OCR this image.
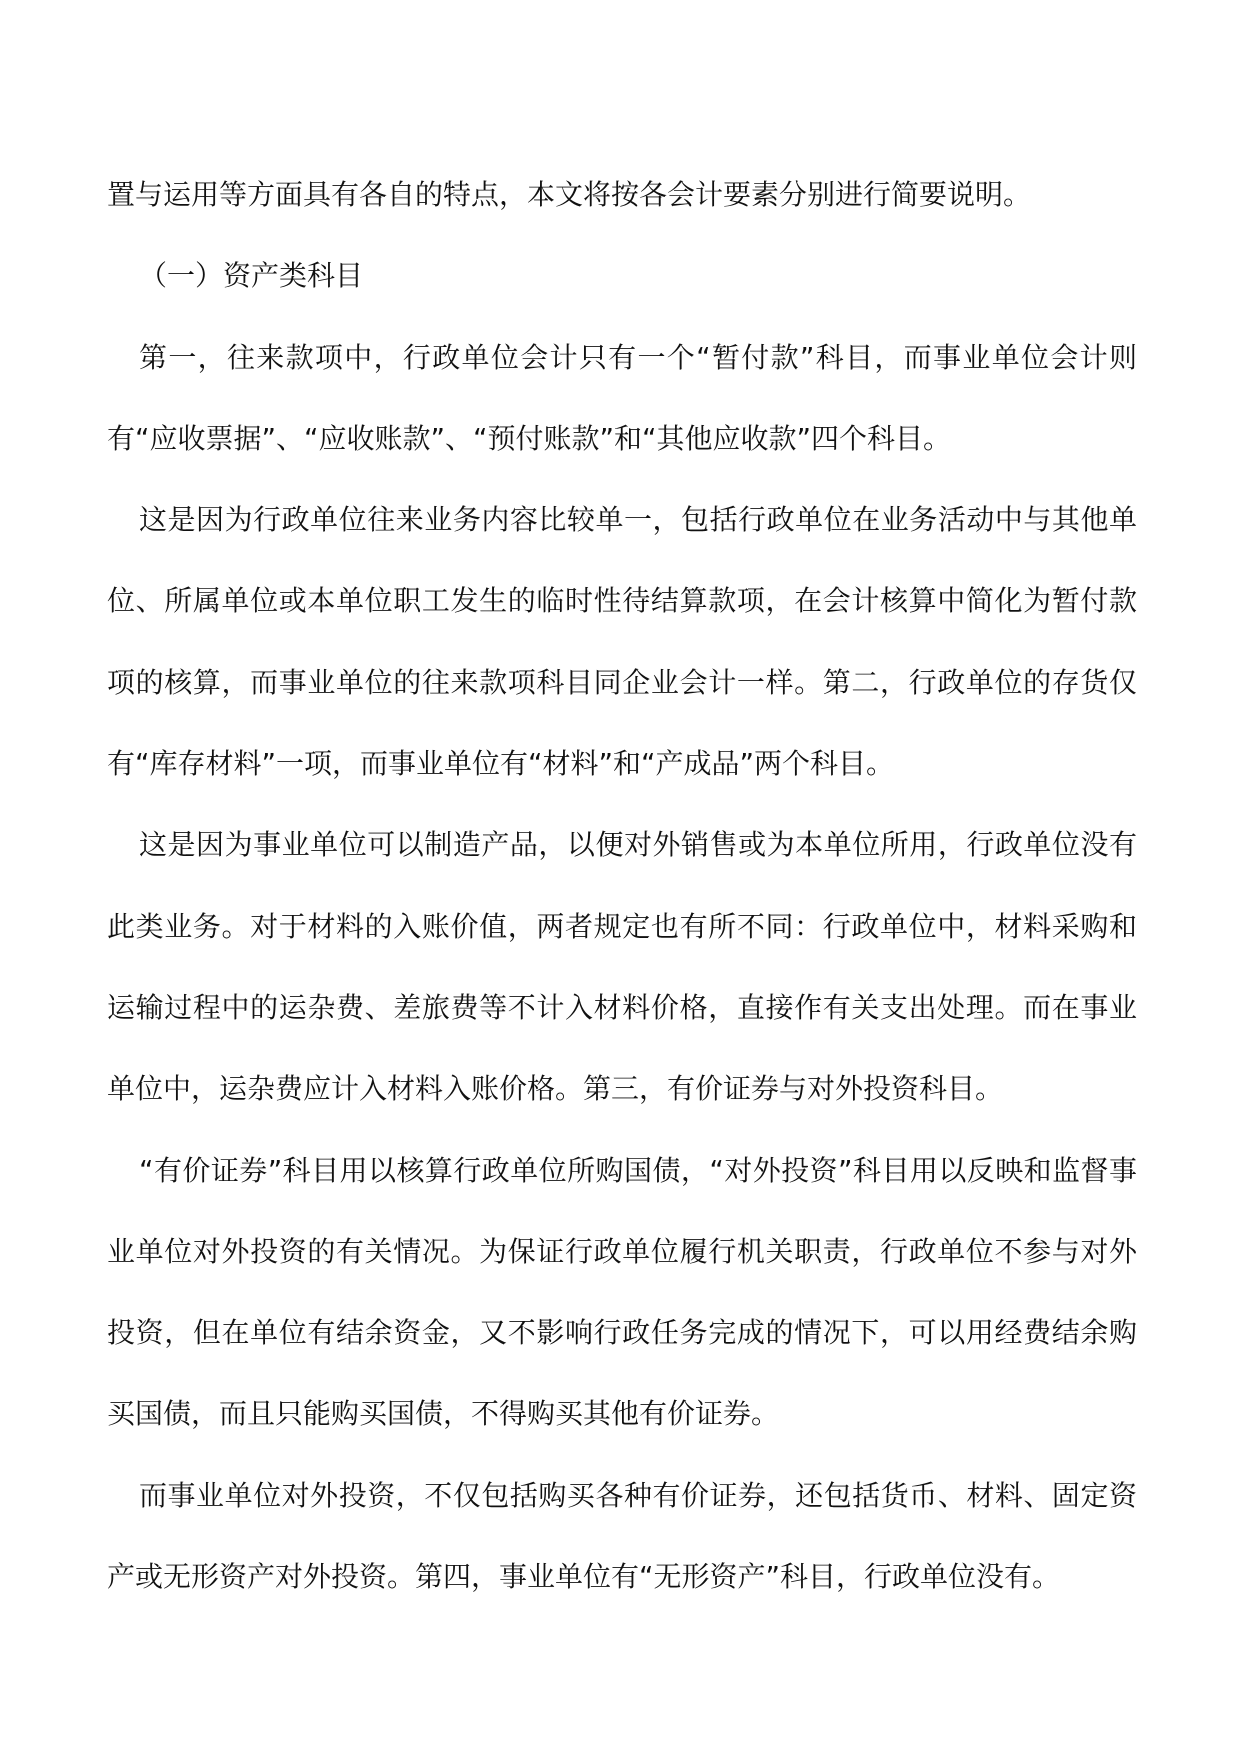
置与运用等方面具有各自的特点，本文将按各会计要素分别进行简要说明。

（一）资产类科目

第一，往来款项中，行政单位会计只有一个“暂付款”科目，而事业单位会计则有“应收票据”、“应收账款”、“预付账款”和“其他应收款”四个科目。

这是因为行政单位往来业务内容比较单一，包括行政单位在业务活动中与其他单位、所属单位或本单位职工发生的临时性待结算款项，在会计核算中简化为暂付款项的核算，而事业单位的往来款项科目同企业会计一样。第二，行政单位的存货仅有“库存材料”一项，而事业单位有“材料”和“产成品”两个科目。

这是因为事业单位可以制造产品，以便对外销售或为本单位所用，行政单位没有此类业务。对于材料的入账价值，两者规定也有所不同：行政单位中，材料采购和运输过程中的运杂费、差旅费等不计入材料价格，直接作有关支出处理。而在事业单位中，运杂费应计入材料入账价格。第三，有价证券与对外投资科目。

“有价证券”科目用以核算行政单位所购国债，“对外投资”科目用以反映和监督事业单位对外投资的有关情况。为保证行政单位履行机关职责，行政单位不参与对外投资，但在单位有结余资金，又不影响行政任务完成的情况下，可以用经费结余购买国债，而且只能购买国债，不得购买其他有价证券。

而事业单位对外投资，不仅包括购买各种有价证券，还包括货币、材料、固定资产或无形资产对外投资。第四，事业单位有“无形资产”科目，行政单位没有。
